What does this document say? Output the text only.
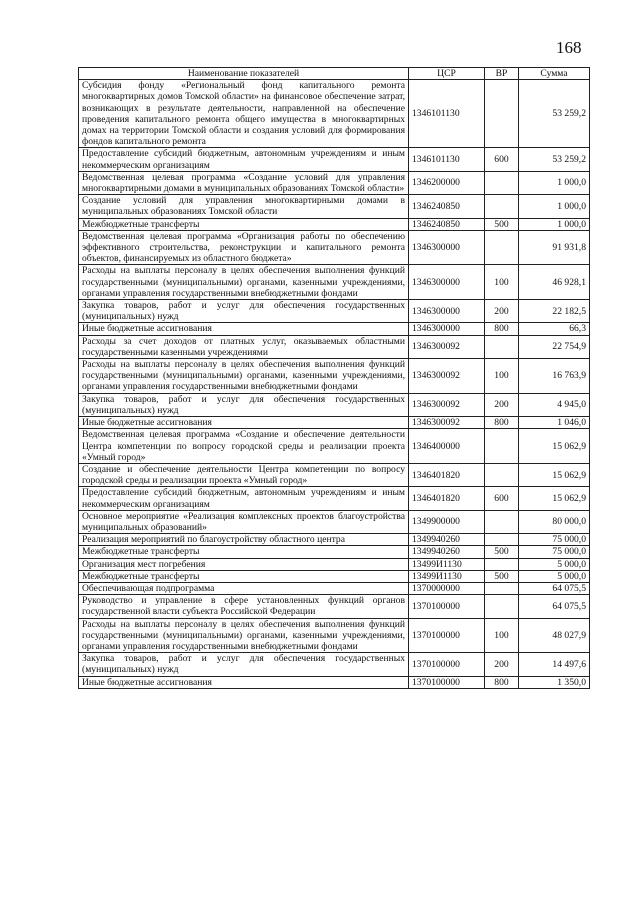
168
Наименование показателей	ЦСР	ВР	Сумма
Субсидия фонду «Региональный фонд капитального ремонта многоквартирных домов Томской области» на финансовое обеспечение затрат, возникающих в результате деятельности, направленной на обеспечение проведения капитального ремонта общего имущества в многоквартирных домах на территории Томской области и создания условий для формирования фондов капитального ремонта	1346101130		53 259,2
Предоставление субсидий бюджетным, автономным учреждениям и иным некоммерческим организациям	1346101130	600	53 259,2
Ведомственная целевая программа «Создание условий для управления многоквартирными домами в муниципальных образованиях Томской области»	1346200000		1 000,0
Создание условий для управления многоквартирными домами в муниципальных образованиях Томской области	1346240850		1 000,0
Межбюджетные трансферты	1346240850	500	1 000,0
Ведомственная целевая программа «Организация работы по обеспечению эффективного строительства, реконструкции и капитального ремонта объектов, финансируемых из областного бюджета»	1346300000		91 931,8
Расходы на выплаты персоналу в целях обеспечения выполнения функций государственными (муниципальными) органами, казенными учреждениями, органами управления государственными внебюджетными фондами	1346300000	100	46 928,1
Закупка товаров, работ и услуг для обеспечения государственных (муниципальных) нужд	1346300000	200	22 182,5
Иные бюджетные ассигнования	1346300000	800	66,3
Расходы за счет доходов от платных услуг, оказываемых областными государственными казенными учреждениями	1346300092		22 754,9
Расходы на выплаты персоналу в целях обеспечения выполнения функций государственными (муниципальными) органами, казенными учреждениями, органами управления государственными внебюджетными фондами	1346300092	100	16 763,9
Закупка товаров, работ и услуг для обеспечения государственных (муниципальных) нужд	1346300092	200	4 945,0
Иные бюджетные ассигнования	1346300092	800	1 046,0
Ведомственная целевая программа «Создание и обеспечение деятельности Центра компетенции по вопросу городской среды и реализации проекта «Умный город»	1346400000		15 062,9
Создание и обеспечение деятельности Центра компетенции по вопросу городской среды и реализации проекта «Умный город»	1346401820		15 062,9
Предоставление субсидий бюджетным, автономным учреждениям и иным некоммерческим организациям	1346401820	600	15 062,9
Основное мероприятие «Реализация комплексных проектов благоустройства муниципальных образований»	1349900000		80 000,0
Реализация мероприятий по благоустройству областного центра	1349940260		75 000,0
Межбюджетные трансферты	1349940260	500	75 000,0
Организация мест погребения	13499И1130		5 000,0
Межбюджетные трансферты	13499И1130	500	5 000,0
Обеспечивающая подпрограмма	1370000000		64 075,5
Руководство и управление в сфере установленных функций органов государственной власти субъекта Российской Федерации	1370100000		64 075,5
Расходы на выплаты персоналу в целях обеспечения выполнения функций государственными (муниципальными) органами, казенными учреждениями, органами управления государственными внебюджетными фондами	1370100000	100	48 027,9
Закупка товаров, работ и услуг для обеспечения государственных (муниципальных) нужд	1370100000	200	14 497,6
Иные бюджетные ассигнования	1370100000	800	1 350,0
